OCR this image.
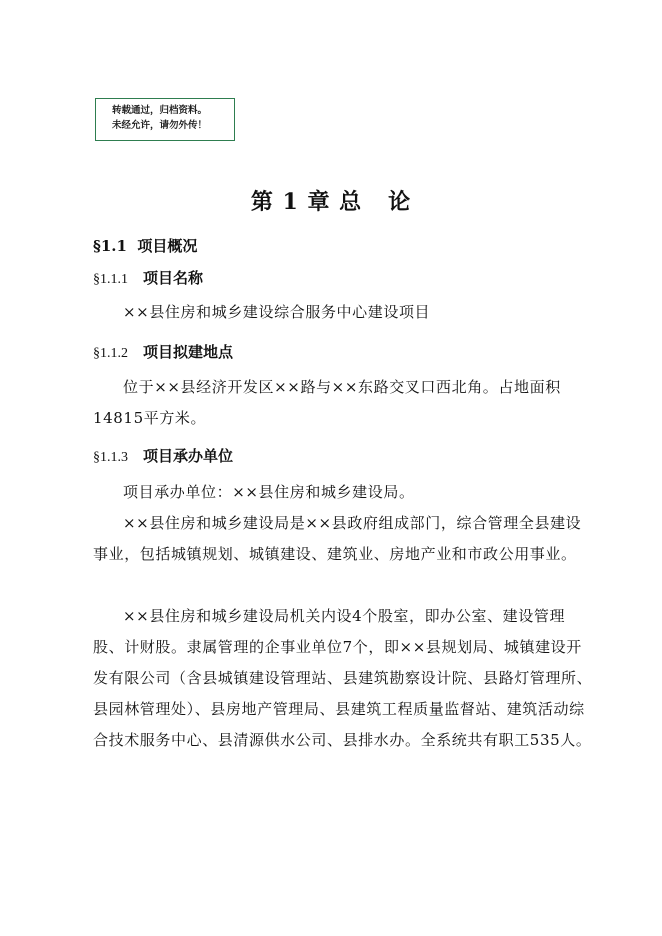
转载通过，归档资料。
未经允许，请勿外传！
第 1 章 总   论
§1.1 项目概况
§1.1.1 项目名称

××县住房和城乡建设综合服务中心建设项目

§1.1.2 项目拟建地点

位于××县经济开发区××路与××东路交叉口西北角。占地面积14815平方米。

§1.1.3 项目承办单位

项目承办单位：××县住房和城乡建设局。

××县住房和城乡建设局是××县政府组成部门，综合管理全县建设事业，包括城镇规划、城镇建设、建筑业、房地产业和市政公用事业。

××县住房和城乡建设局机关内设4个股室，即办公室、建设管理股、计财股。隶属管理的企事业单位7个，即××县规划局、城镇建设开发有限公司（含县城镇建设管理站、县建筑勘察设计院、县路灯管理所、县园林管理处）、县房地产管理局、县建筑工程质量监督站、建筑活动综合技术服务中心、县清源供水公司、县排水办。全系统共有职工535人。
